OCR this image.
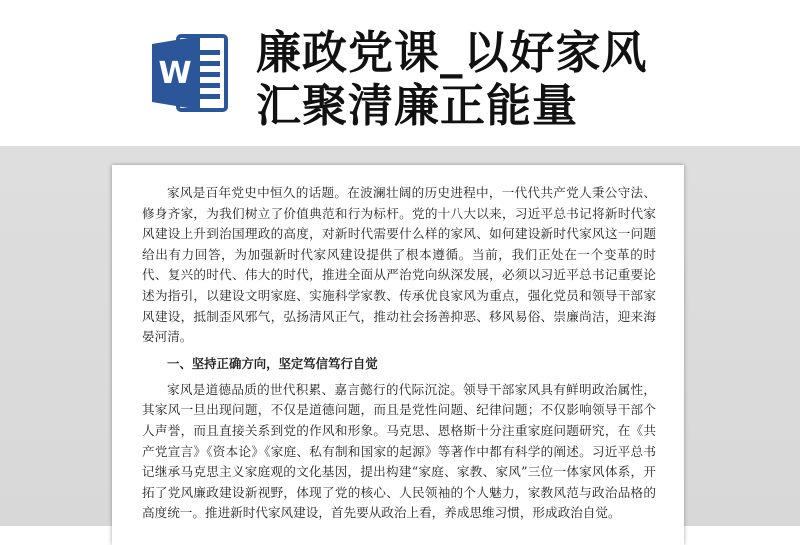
W 廉政党课_以好家风
汇聚清廉正能量

家风是百年党史中恒久的话题。在波澜壮阔的历史进程中，一代代共产党人秉公守法、修身齐家，为我们树立了价值典范和行为标杆。党的十八大以来，习近平总书记将新时代家风建设上升到治国理政的高度，对新时代需要什么样的家风、如何建设新时代家风这一问题给出有力回答，为加强新时代家风建设提供了根本遵循。当前，我们正处在一个变革的时代、复兴的时代、伟大的时代，推进全面从严治党向纵深发展，必须以习近平总书记重要论述为指引，以建设文明家庭、实施科学家教、传承优良家风为重点，强化党员和领导干部家风建设，抵制歪风邪气，弘扬清风正气，推动社会扬善抑恶、移风易俗、崇廉尚洁，迎来海晏河清。

一、坚持正确方向，坚定笃信笃行自觉

家风是道德品质的世代积累、嘉言懿行的代际沉淀。领导干部家风具有鲜明政治属性，其家风一旦出现问题，不仅是道德问题，而且是党性问题、纪律问题；不仅影响领导干部个人声誉，而且直接关系到党的作风和形象。马克思、恩格斯十分注重家庭问题研究，在《共产党宣言》《资本论》《家庭、私有制和国家的起源》等著作中都有科学的阐述。习近平总书记继承马克思主义家庭观的文化基因，提出构建“家庭、家教、家风”三位一体家风体系，开拓了党风廉政建设新视野，体现了党的核心、人民领袖的个人魅力，家教风范与政治品格的高度统一。推进新时代家风建设，首先要从政治上看，养成思维习惯，形成政治自觉。
